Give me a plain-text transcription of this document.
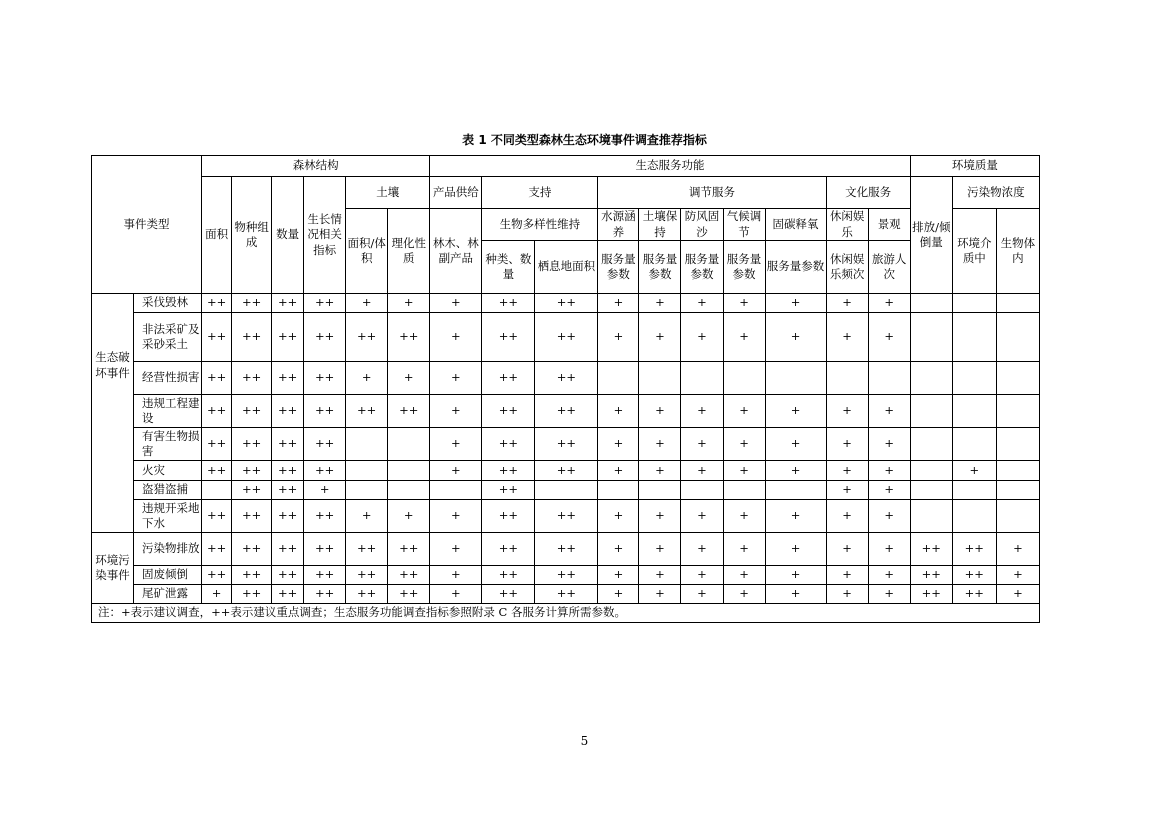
表 1 不同类型森林生态环境事件调查推荐指标
事件类型		森林结构						生态服务功能										环境质量		
		面积	物种组成	数量	生长情况相关指标	土壤		产品供给	支持		调节服务					文化服务		排放/倾倒量	污染物浓度	
						面积/体积	理化性质	林木、林 副产品	生物多样性维持		水源涵养	土壤保持	防风固沙	气候调节	固碳释氧	休闲娱乐	景观		环境介质中	生物体内
									种类、数量	栖息地面积	服务量参数	服务量参数	服务量参数	服务量参数	服务量参数	休闲娱乐频次	旅游人次			

生态破坏事件	采伐毁林	++	++	++	++	+	+	+	++	++	+	+	+	+	+	+	+			
	非法采矿及采砂采土	++	++	++	++	++	++	+	++	++	+	+	+	+	+	+	+			
	经营性损害	++	++	++	++	+	+	+	++	++										
	违规工程建设	++	++	++	++	++	++	+	++	++	+	+	+	+	+	+	+			
	有害生物损害	++	++	++	++			+	++	++	+	+	+	+	+	+	+			
	火灾	++	++	++	++			+	++	++	+	+	+	+	+	+	+		+	
	盗猎盗捕		++	++	+				++							+	+			
	违规开采地下水	++	++	++	++	+	+	+	++	++	+	+	+	+	+	+	+			
环境污染事件	污染物排放	++	++	++	++	++	++	+	++	++	+	+	+	+	+	+	+	++	++	+
	固废倾倒	++	++	++	++	++	++	+	++	++	+	+	+	+	+	+	+	++	++	+
	尾矿泄露	+	++	++	++	++	++	+	++	++	+	+	+	+	+	+	+	++	++	+
注：+表示建议调查，++表示建议重点调查；生态服务功能调查指标参照附录 C 各服务计算所需参数。																				
5
